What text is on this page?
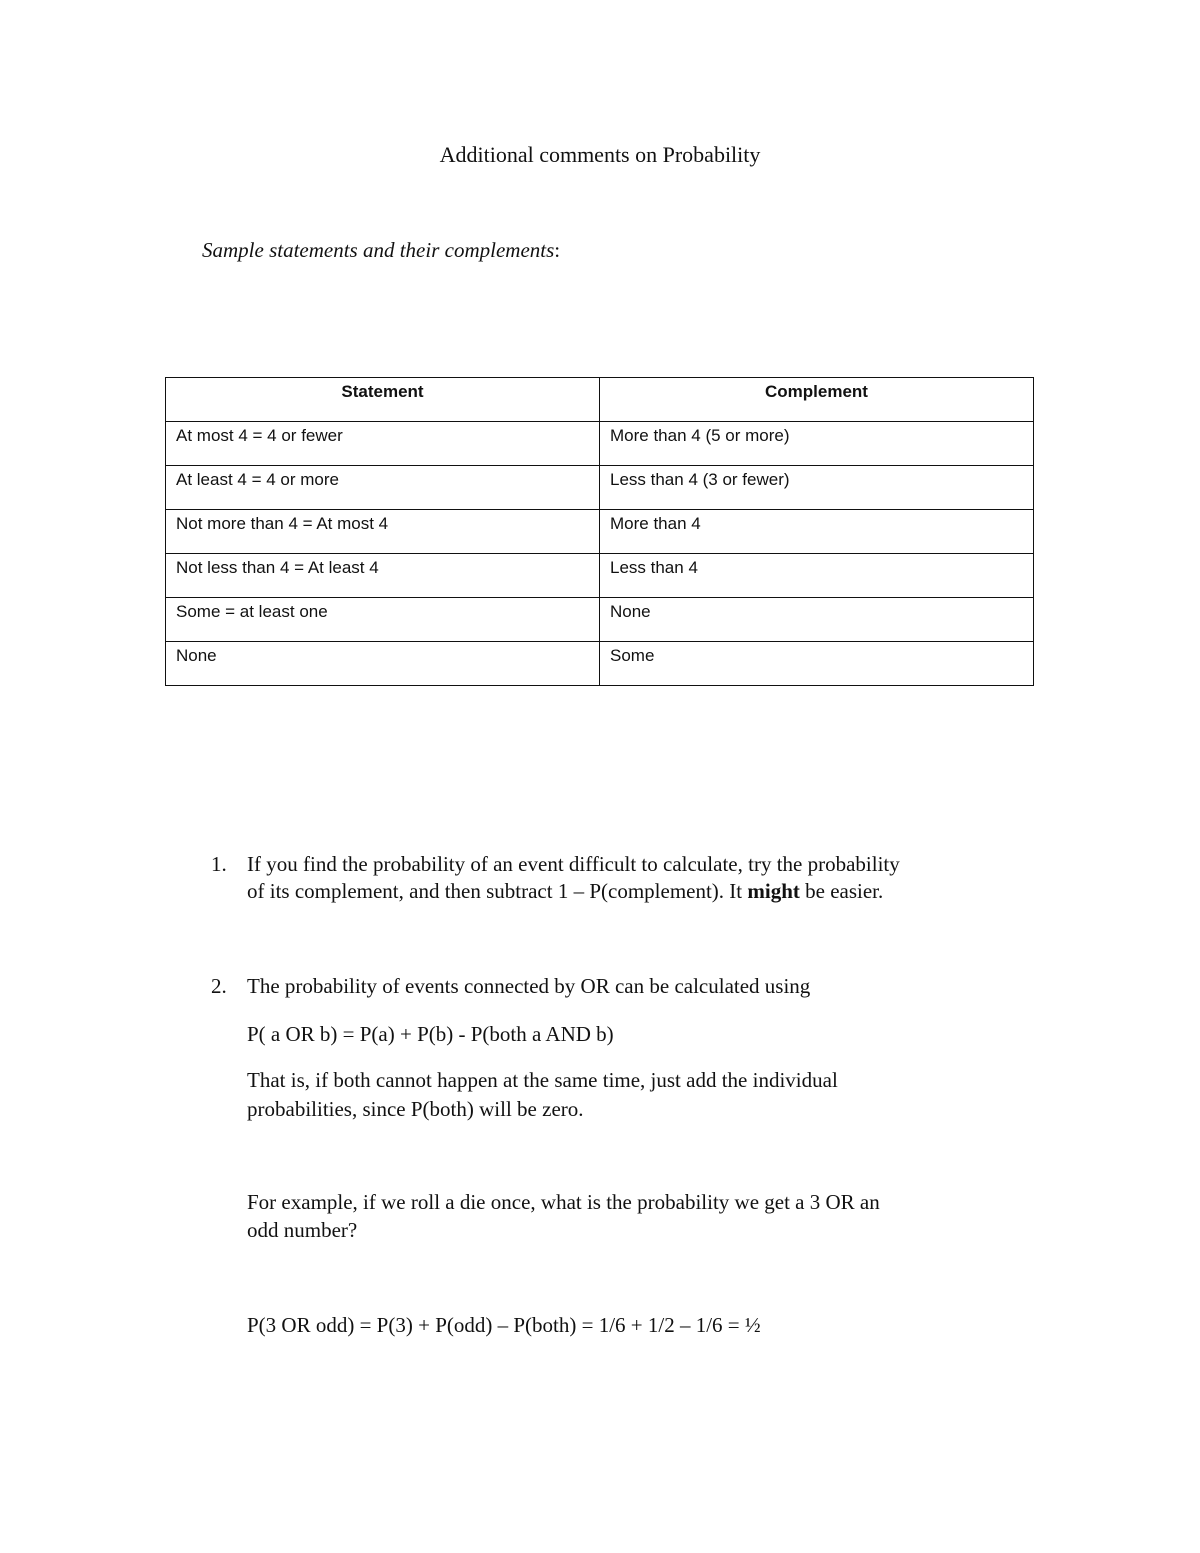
Additional comments on Probability
Sample statements and their complements:
Statement	Complement
At most 4 = 4 or fewer	More than 4 (5 or more)
At least 4 = 4 or more	Less than 4 (3 or fewer)
Not more than 4 = At most 4	More than 4
Not less than 4 = At least 4	Less than 4
Some = at least one	None
None	Some
1. If you find the probability of an event difficult to calculate, try the probability
of its complement, and then subtract 1 – P(complement). It might be easier.
2. The probability of events connected by OR can be calculated using
P( a OR b) = P(a) + P(b) - P(both a AND b)
That is, if both cannot happen at the same time, just add the individual
probabilities, since P(both) will be zero.
For example, if we roll a die once, what is the probability we get a 3 OR an
odd number?
P(3 OR odd) = P(3) + P(odd) – P(both) = 1/6 + 1/2 – 1/6 = ½
